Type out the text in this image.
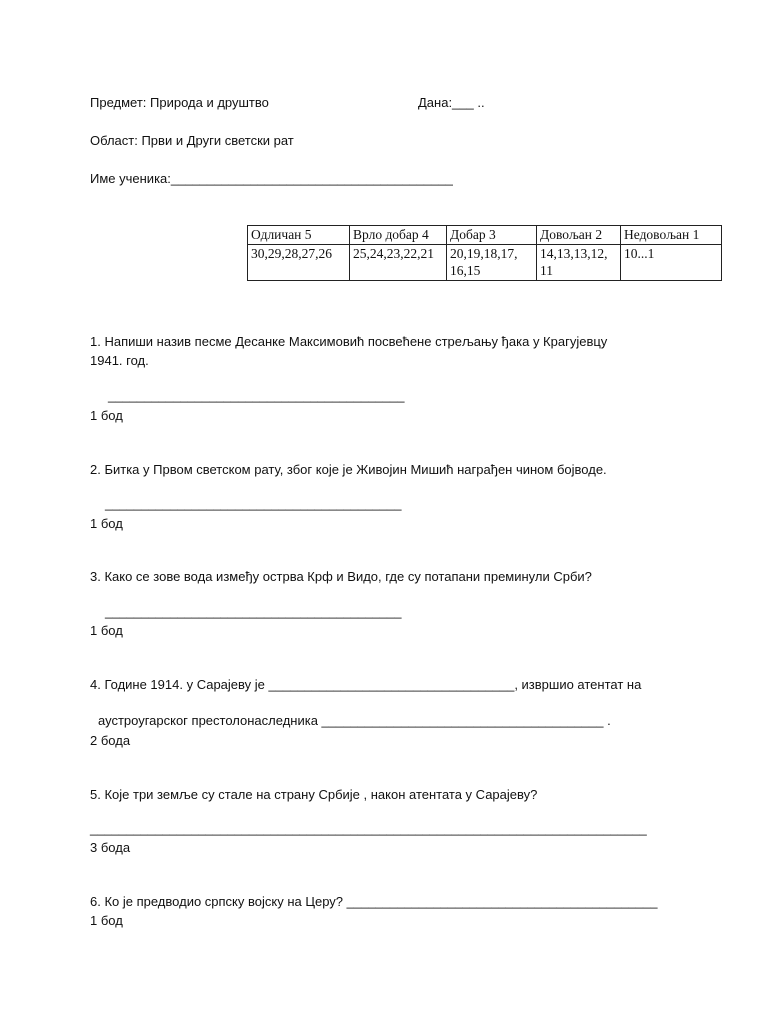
Предмет: Природа и друштво	Дана:___ ..
Област: Први и Други светски рат
Име ученика:_______________________________________
Одличан 5	Врло добар 4	Добар 3	Довољан 2	Недовољан 1
30,29,28,27,26	25,24,23,22,21	20,19,18,17, 16,15	14,13,13,12, 11	10...1
1. Напиши назив песме Десанке Максимовић посвећене стрељању ђака у Крагујевцу
1941. год.
_________________________________________
1 бод
2. Битка у Првом светском рату, због које је Живојин Мишић награђен чином бојводе.
_________________________________________
1 бод
3. Како се зове вода између острва Крф и Видо, где су потапани преминули Срби?
_________________________________________
1 бод
4. Године 1914. у Сарајеву је __________________________________, извршио атентат на
аустроугарског престолонаследника _______________________________________ .
2 бода
5. Које три земље су стале на страну Србије , након атентата у Сарајеву?
_____________________________________________________________________________
3 бода
6. Ко је предводио српску војску на Церу? ___________________________________________
1 бод
